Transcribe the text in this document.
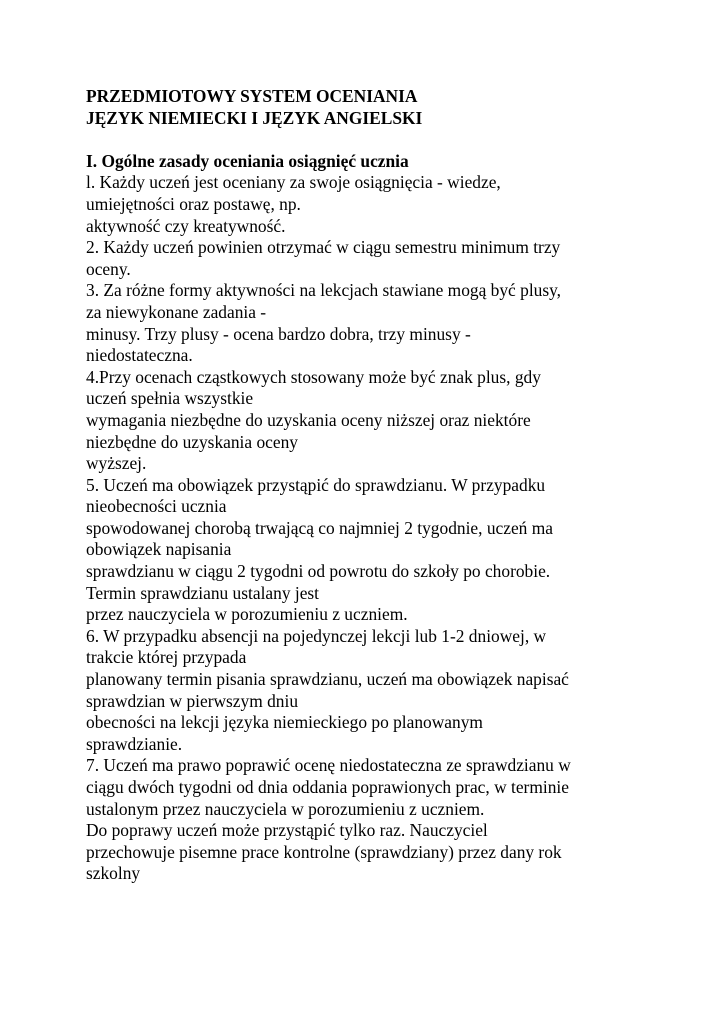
PRZEDMIOTOWY SYSTEM OCENIANIA
JĘZYK NIEMIECKI I JĘZYK ANGIELSKI
I. Ogólne zasady oceniania osiągnięć ucznia
l. Każdy uczeń jest oceniany za swoje osiągnięcia - wiedze,
umiejętności oraz postawę, np.
aktywność czy kreatywność.
2. Każdy uczeń powinien otrzymać w ciągu semestru minimum trzy
oceny.
3. Za różne formy aktywności na lekcjach stawiane mogą być plusy,
za niewykonane zadania -
minusy. Trzy plusy - ocena bardzo dobra, trzy minusy -
niedostateczna.
4.Przy ocenach cząstkowych stosowany może być znak plus, gdy
uczeń spełnia wszystkie
wymagania niezbędne do uzyskania oceny niższej oraz niektóre
niezbędne do uzyskania oceny
wyższej.
5. Uczeń ma obowiązek przystąpić do sprawdzianu. W przypadku
nieobecności ucznia
spowodowanej chorobą trwającą co najmniej 2 tygodnie, uczeń ma
obowiązek napisania
sprawdzianu w ciągu 2 tygodni od powrotu do szkoły po chorobie.
Termin sprawdzianu ustalany jest
przez nauczyciela w porozumieniu z uczniem.
6. W przypadku absencji na pojedynczej lekcji lub 1-2 dniowej, w
trakcie której przypada
planowany termin pisania sprawdzianu, uczeń ma obowiązek napisać
sprawdzian w pierwszym dniu
obecności na lekcji języka niemieckiego po planowanym
sprawdzianie.
7. Uczeń ma prawo poprawić ocenę niedostateczna ze sprawdzianu w
ciągu dwóch tygodni od dnia oddania poprawionych prac, w terminie
ustalonym przez nauczyciela w porozumieniu z uczniem.
Do poprawy uczeń może przystąpić tylko raz. Nauczyciel
przechowuje pisemne prace kontrolne (sprawdziany) przez dany rok
szkolny
